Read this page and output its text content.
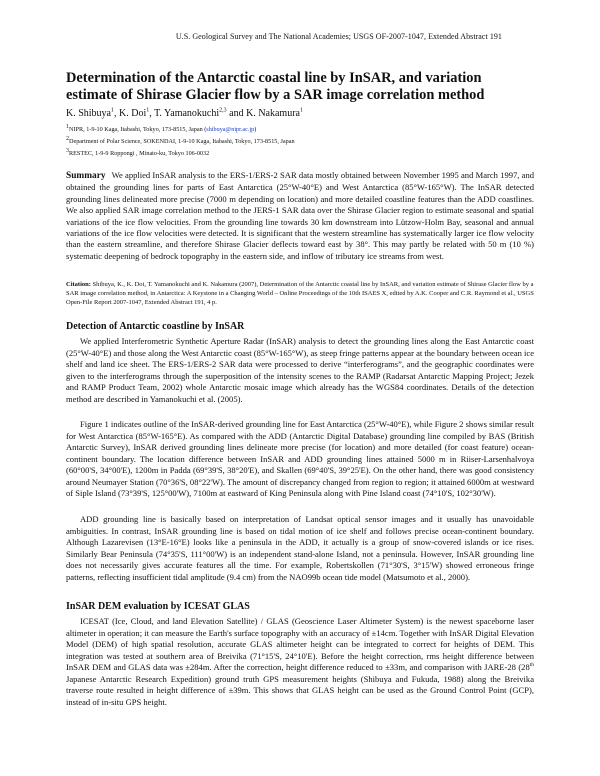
U.S. Geological Survey and The National Academies; USGS OF-2007-1047, Extended Abstract 191
Determination of the Antarctic coastal line by InSAR, and variation estimate of Shirase Glacier flow by a SAR image correlation method
K. Shibuya$^1$, K. Doi$^1$, T. Yamanokuchi$^{2,3}$ and K. Nakamura$^1$
$^1$NIPR, 1-9-10 Kaga, Itabashi, Tokyo, 173-8515, Japan (shibuya@nipr.ac.jp)
$^2$Department of Polar Science, SOKENDAI, 1-9-10 Kaga, Itabashi, Tokyo, 173-8515, Japan
$^3$RESTEC, 1-9-9 Roppongi , Minato-ku, Tokyo 106-0032
Summary We applied InSAR analysis to the ERS-1/ERS-2 SAR data mostly obtained between November 1995 and March 1997, and obtained the grounding lines for parts of East Antarctica (25°W-40°E) and West Antarctica (85°W-165°W). The InSAR detected grounding lines delineated more precise (7000 m depending on location) and more detailed coastline features than the ADD coastlines. We also applied SAR image correlation method to the JERS-1 SAR data over the Shirase Glacier region to estimate seasonal and spatial variations of the ice flow velocities. From the grounding line towards 30 km downstream into Lützow-Holm Bay, seasonal and annual variations of the ice flow velocities were detected. It is significant that the western streamline has systematically larger ice flow velocity than the eastern streamline, and therefore Shirase Glacier deflects toward east by 38°. This may partly be related with 50 m (10 %) systematic deepening of bedrock topography in the eastern side, and inflow of tributary ice streams from west.
Citation: Shibuya, K., K. Doi, T. Yamanokuchi and K. Nakamura (2007), Determination of the Antarctic coastal line by InSAR, and variation estimate of Shirase Glacier flow by a SAR image correlation method, in Antarctica: A Keystone in a Changing World – Online Proceedings of the 10th ISAES X, edited by A.K. Cooper and C.R. Raymond et al., USGS Open-File Report 2007-1047, Extended Abstract 191, 4 p.
Detection of Antarctic coastline by InSAR

We applied Interferometric Synthetic Aperture Radar (InSAR) analysis to detect the grounding lines along the East Antarctic coast (25°W-40°E) and those along the West Antarctic coast (85°W-165°W), as steep fringe patterns appear at the boundary between ocean ice shelf and land ice sheet. The ERS-1/ERS-2 SAR data were processed to derive “interferograms”, and the geographic coordinates were given to the interferograms through the superposition of the intensity scenes to the RAMP (Radarsat Antarctic Mapping Project; Jezek and RAMP Product Team, 2002) whole Antarctic mosaic image which already has the WGS84 coordinates. Details of the detection method are described in Yamanokuchi et al. (2005).

Figure 1 indicates outline of the InSAR-derived grounding line for East Antarctica (25°W-40°E), while Figure 2 shows similar result for West Antarctica (85°W-165°E). As compared with the ADD (Antarctic Digital Database) grounding line compiled by BAS (British Antarctic Survey), InSAR derived grounding lines delineate more precise (for location) and more detailed (for coast feature) ocean-continent boundary. The location difference between InSAR and ADD grounding lines attained 5000 m in Riiser-Larsenhalvoya (60°00'S, 34°00'E), 1200m in Padda (69°39'S, 38°20'E), and Skallen (69°40'S, 39°25'E). On the other hand, there was good consistency around Neumayer Station (70°36'S, 08°22'W). The amount of discrepancy changed from region to region; it attained 6000m at westward of Siple Island (73°39'S, 125°00'W), 7100m at eastward of King Peninsula along with Pine Island coast (74°10'S, 102°30'W).

ADD grounding line is basically based on interpretation of Landsat optical sensor images and it usually has unavoidable ambiguities. In contrast, InSAR grounding line is based on tidal motion of ice shelf and follows precise ocean-continent boundary. Although Lazarevisen (13°E-16°E) looks like a peninsula in the ADD, it actually is a group of snow-covered islands or ice rises. Similarly Bear Peninsula (74°35'S, 111°00'W) is an independent stand-alone Island, not a peninsula. However, InSAR grounding line does not necessarily gives accurate features all the time. For example, Robertskollen (71°30'S, 3°15'W) showed erroneous fringe patterns, reflecting insufficient tidal amplitude (9.4 cm) from the NAO99b ocean tide model (Matsumoto et al., 2000).

InSAR DEM evaluation by ICESAT GLAS

ICESAT (Ice, Cloud, and land Elevation Satellite) / GLAS (Geoscience Laser Altimeter System) is the newest spaceborne laser altimeter in operation; it can measure the Earth's surface topography with an accuracy of ±14cm. Together with InSAR Digital Elevation Model (DEM) of high spatial resolution, accurate GLAS altimeter height can be integrated to correct for heights of DEM. This integration was tested at southern area of Breivika (71°15'S, 24°10'E). Before the height correction, rms height difference between InSAR DEM and GLAS data was ±284m. After the correction, height difference reduced to ±33m, and comparison with JARE-28 (28th Japanese Antarctic Research Expedition) ground truth GPS measurement heights (Shibuya and Fukuda, 1988) along the Breivika traverse route resulted in height difference of ±39m. This shows that GLAS height can be used as the Ground Control Point (GCP), instead of in-situ GPS height.
